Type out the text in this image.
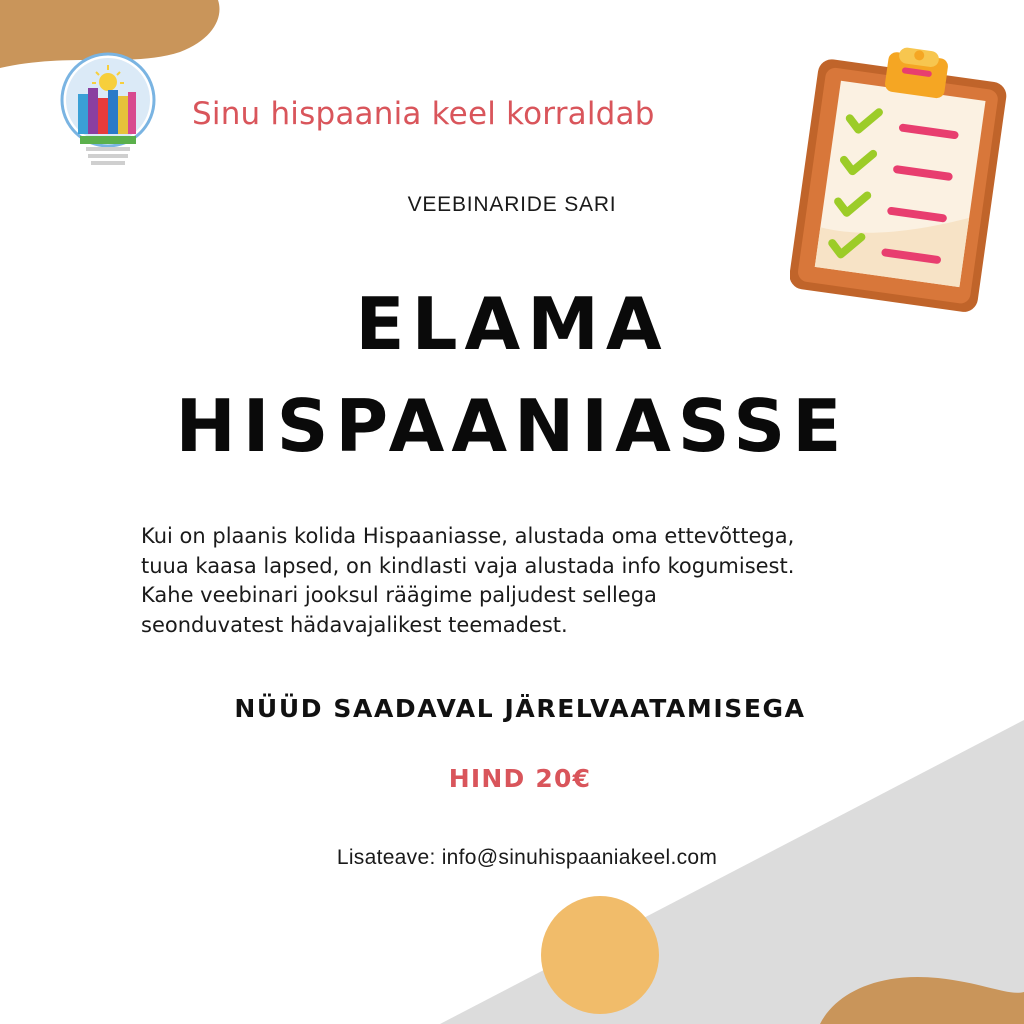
Sinu hispaania keel korraldab
VEEBINARIDE SARI
ELAMA
HISPAANIASSE
Kui on plaanis kolida Hispaaniasse, alustada oma ettevõttega,
tuua kaasa lapsed, on kindlasti vaja alustada info kogumisest.
Kahe veebinari jooksul räägime paljudest sellega
seonduvatest hädavajalikest teemadest.
NÜÜD SAADAVAL JÄRELVAATAMISEGA
HIND 20€
Lisateave: info@sinuhispaaniakeel.com
